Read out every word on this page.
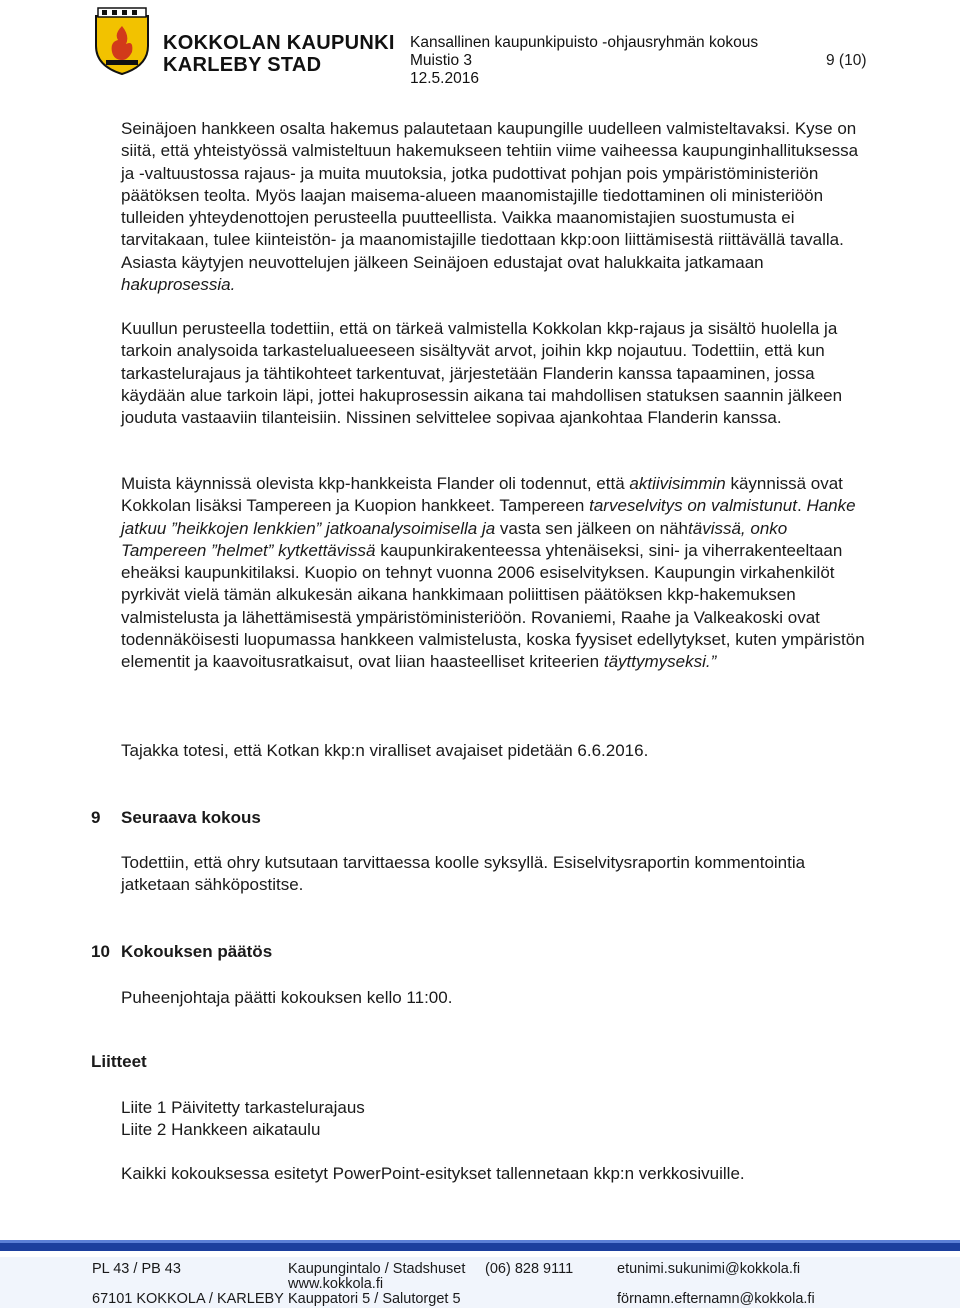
KOKKOLAN KAUPUNKI
KARLEBY STAD
Kansallinen kaupunkipuisto -ohjausryhmän kokous
Muistio 3
12.5.2016
9 (10)

Seinäjoen hankkeen osalta hakemus palautetaan kaupungille uudelleen valmisteltavaksi. Kyse on siitä, että yhteistyössä valmisteltuun hakemukseen tehtiin viime vaiheessa kaupunginhallituksessa ja -valtuustossa rajaus- ja muita muutoksia, jotka pudottivat pohjan pois ympäristöministeriön päätöksen teolta. Myös laajan maisema-alueen maanomistajille tiedottaminen oli ministeriöön tulleiden yhteydenottojen perusteella puutteellista. Vaikka maanomistajien suostumusta ei tarvitakaan, tulee kiinteistön- ja maanomistajille tiedottaan kkp:oon liittämisestä riittävällä tavalla. Asiasta käytyjen neuvottelujen jälkeen Seinäjoen edustajat ovat halukkaita jatkamaan hakuprosessia.

Kuullun perusteella todettiin, että on tärkeä valmistella Kokkolan kkp-rajaus ja sisältö huolella ja tarkoin analysoida tarkastelualueeseen sisältyvät arvot, joihin kkp nojautuu. Todettiin, että kun tarkastelurajaus ja tähtikohteet tarkentuvat, järjestetään Flanderin kanssa tapaaminen, jossa käydään alue tarkoin läpi, jottei hakuprosessin aikana tai mahdollisen statuksen saannin jälkeen jouduta vastaaviin tilanteisiin. Nissinen selvittelee sopivaa ajankohtaa Flanderin kanssa.

Muista käynnissä olevista kkp-hankkeista Flander oli todennut, että aktiivisimmin käynnissä ovat Kokkolan lisäksi Tampereen ja Kuopion hankkeet. Tampereen tarveselvitys on valmistunut. Hanke jatkuu ”heikkojen lenkkien” jatkoanalysoimisella ja vasta sen jälkeen on nähtävissä, onko Tampereen ”helmet” kytkettävissä kaupunkirakenteessa yhtenäiseksi, sini- ja viherrakenteeltaan eheäksi kaupunkitilaksi. Kuopio on tehnyt vuonna 2006 esiselvityksen. Kaupungin virkahenkilöt pyrkivät vielä tämän alkukesän aikana hankkimaan poliittisen päätöksen kkp-hakemuksen valmistelusta ja lähettämisestä ympäristöministeriöön. Rovaniemi, Raahe ja Valkeakoski ovat todennäköisesti luopumassa hankkeen valmistelusta, koska fyysiset edellytykset, kuten ympäristön elementit ja kaavoitusratkaisut, ovat liian haasteelliset kriteerien täyttymyseksi.”

Tajakka totesi, että Kotkan kkp:n viralliset avajaiset pidetään 6.6.2016.

9 Seuraava kokous

Todettiin, että ohry kutsutaan tarvittaessa koolle syksyllä. Esiselvitysraportin kommentointia jatketaan sähköpostitse.

10 Kokouksen päätös

Puheenjohtaja päätti kokouksen kello 11:00.

Liitteet

Liite 1 Päivitetty tarkastelurajaus

Liite 2 Hankkeen aikataulu

Kaikki kokouksessa esitetyt PowerPoint-esitykset tallennetaan kkp:n verkkosivuille.

PL 43 / PB 43

67101 KOKKOLA / KARLEBY
Kaupungintalo / Stadshuset
www.kokkola.fi
Kauppatori 5 / Salutorget 5
(06) 828 9111	etunimi.sukunimi@kokkola.fi
förnamn.efternamn@kokkola.fi
